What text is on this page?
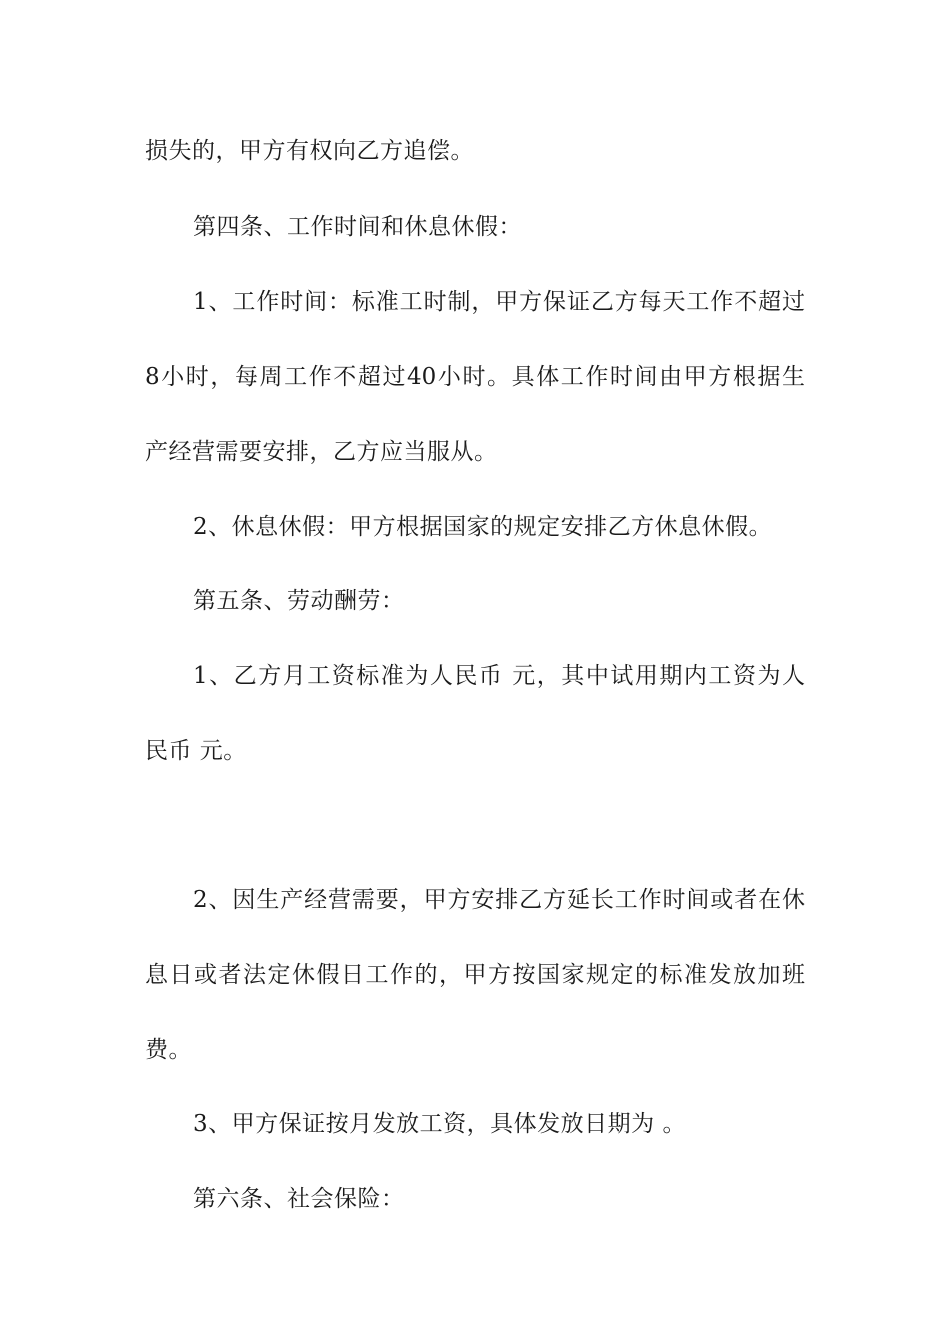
损失的，甲方有权向乙方追偿。
第四条、工作时间和休息休假：
1、工作时间：标准工时制，甲方保证乙方每天工作不超过
8小时，每周工作不超过40小时。具体工作时间由甲方根据生
产经营需要安排，乙方应当服从。
2、休息休假：甲方根据国家的规定安排乙方休息休假。
第五条、劳动酬劳：
1、乙方月工资标准为人民币 元，其中试用期内工资为人
民币 元。
2、因生产经营需要，甲方安排乙方延长工作时间或者在休
息日或者法定休假日工作的，甲方按国家规定的标准发放加班
费。
3、甲方保证按月发放工资，具体发放日期为 。
第六条、社会保险：
